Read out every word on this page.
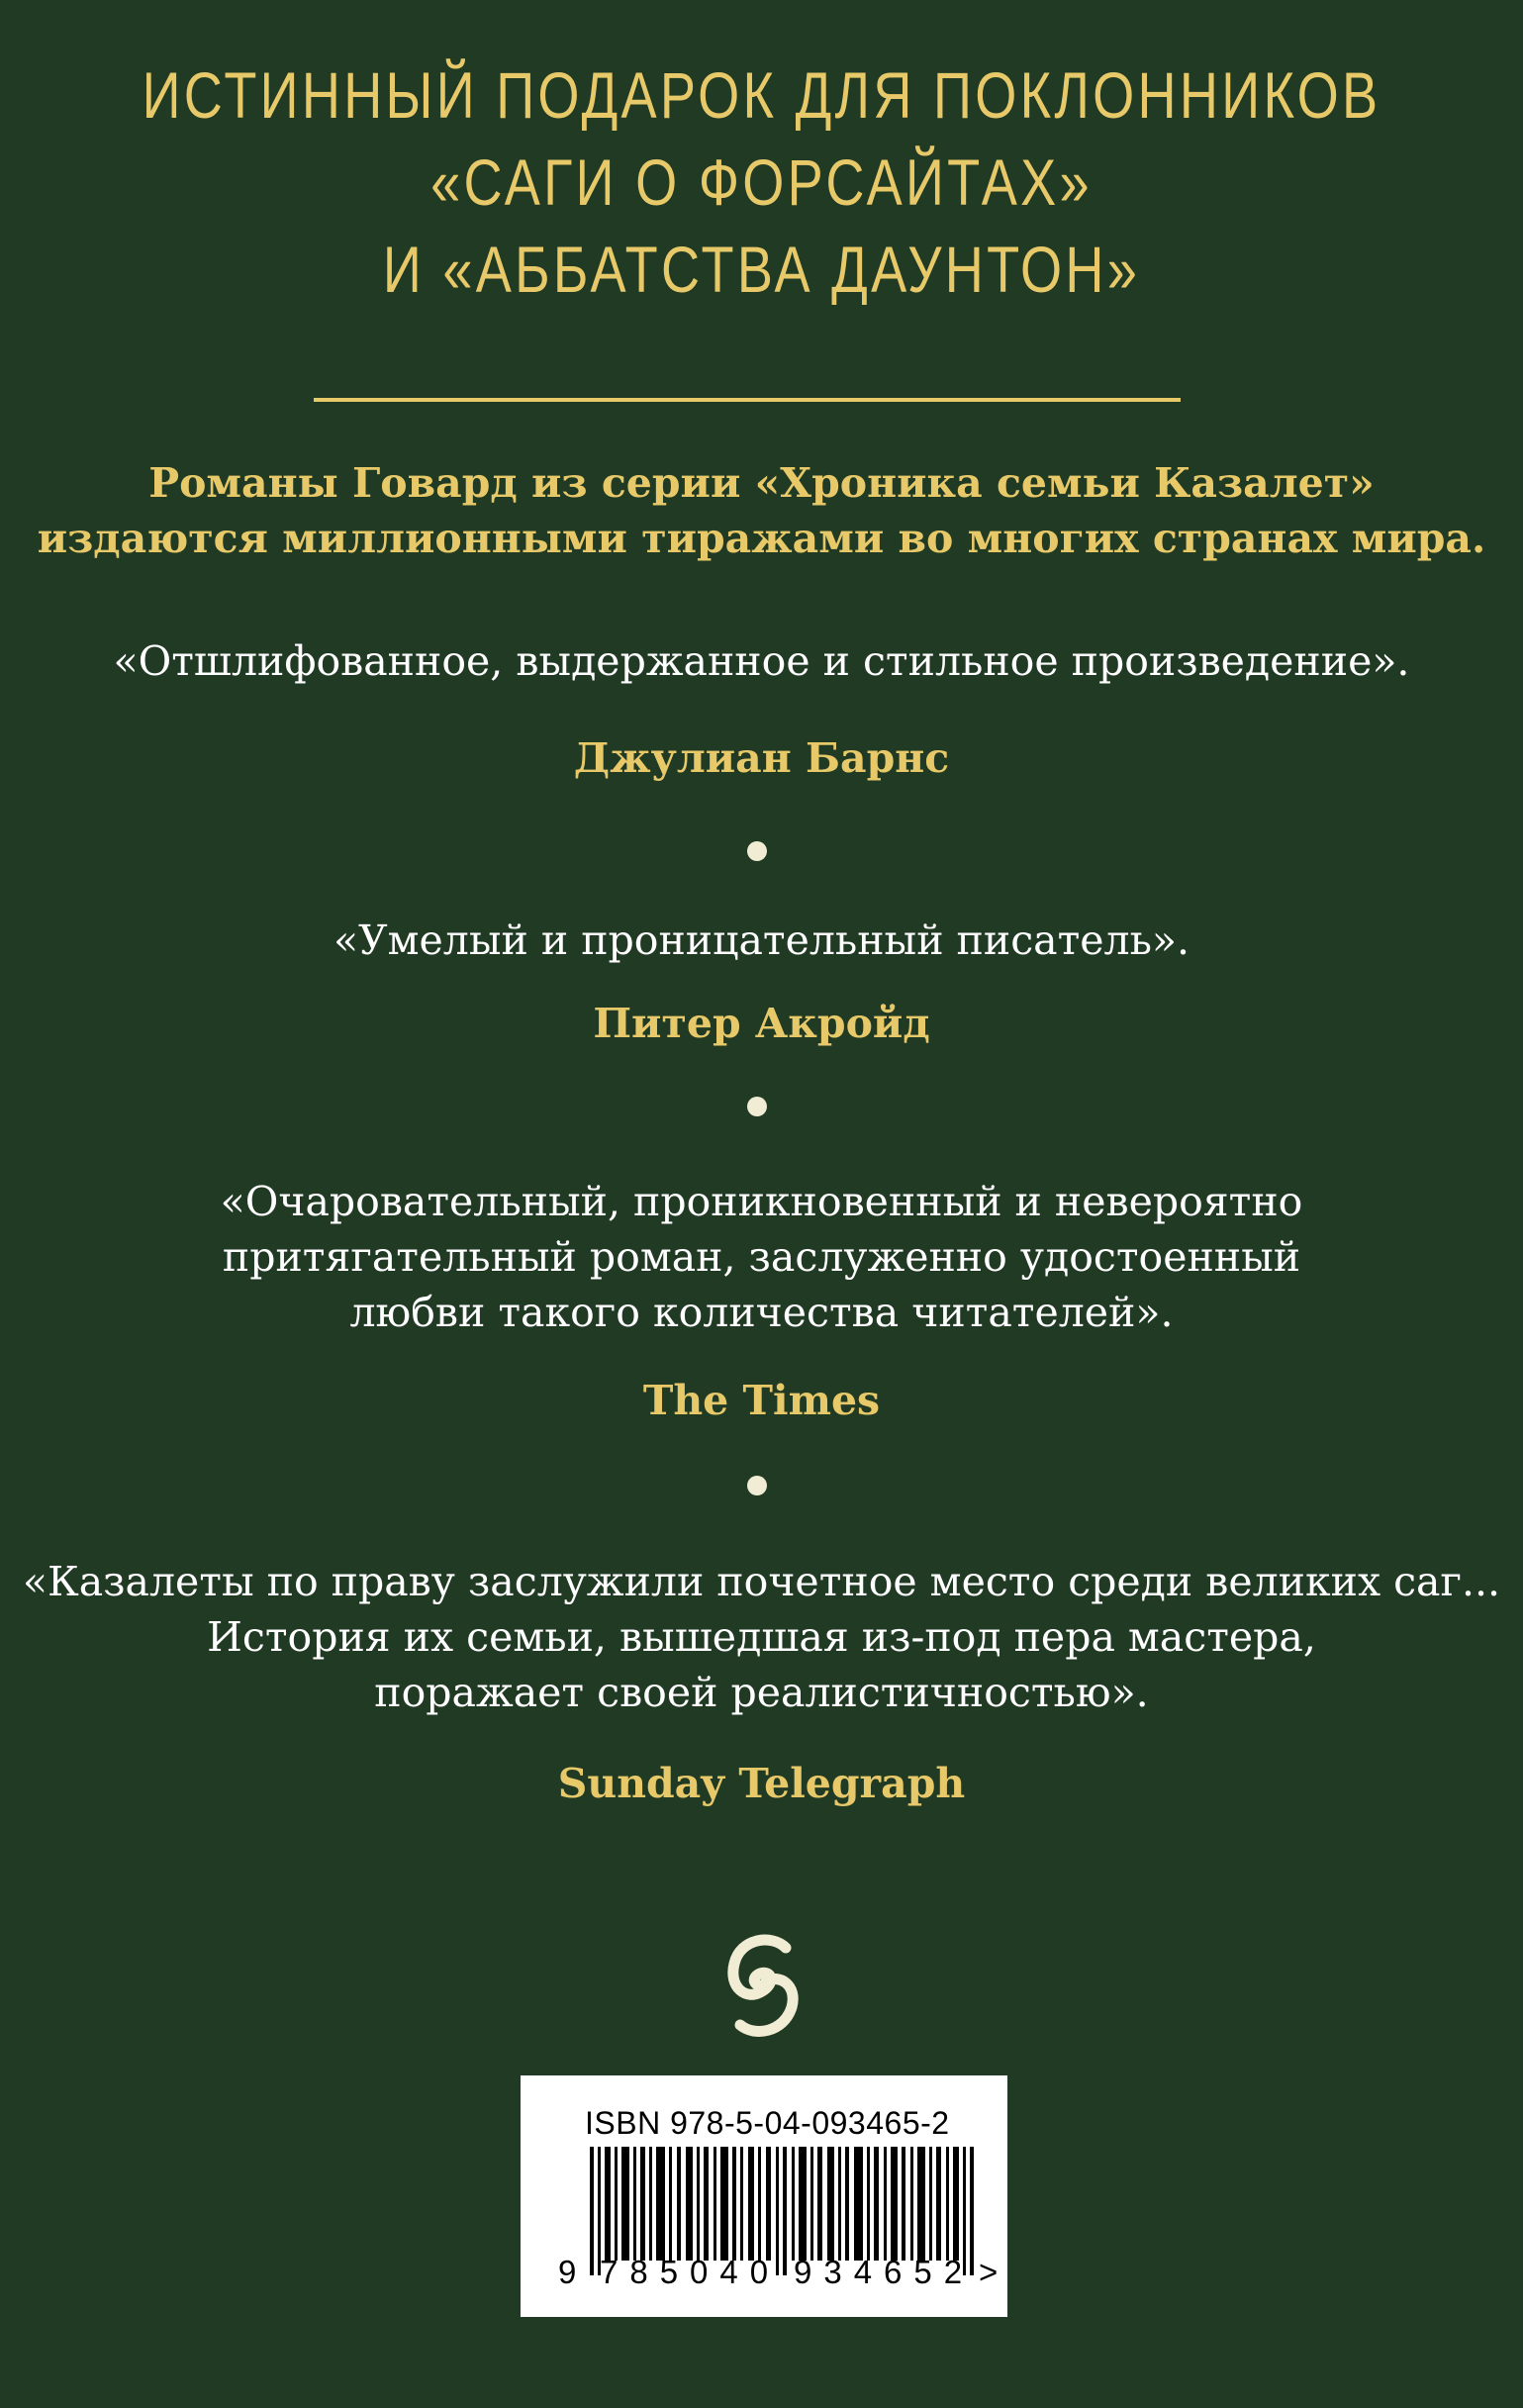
ИСТИННЫЙ ПОДАРОК ДЛЯ ПОКЛОННИКОВ
«САГИ О ФОРСАЙТАХ»
И «АББАТСТВА ДАУНТОН»
Романы Говард из серии «Хроника семьи Казалет»
издаются миллионными тиражами во многих странах мира.
«Отшлифованное, выдержанное и стильное произведение».
Джулиан Барнс
«Умелый и проницательный писатель».
Питер Акройд
«Очаровательный, проникновенный и невероятно
притягательный роман, заслуженно удостоенный
любви такого количества читателей».
The Times
«Казалеты по праву заслужили почетное место среди великих саг...
История их семьи, вышедшая из-под пера мастера,
поражает своей реалистичностью».
Sunday Telegraph
ISBN 978-5-04-093465-2
9 785040 934652 >
